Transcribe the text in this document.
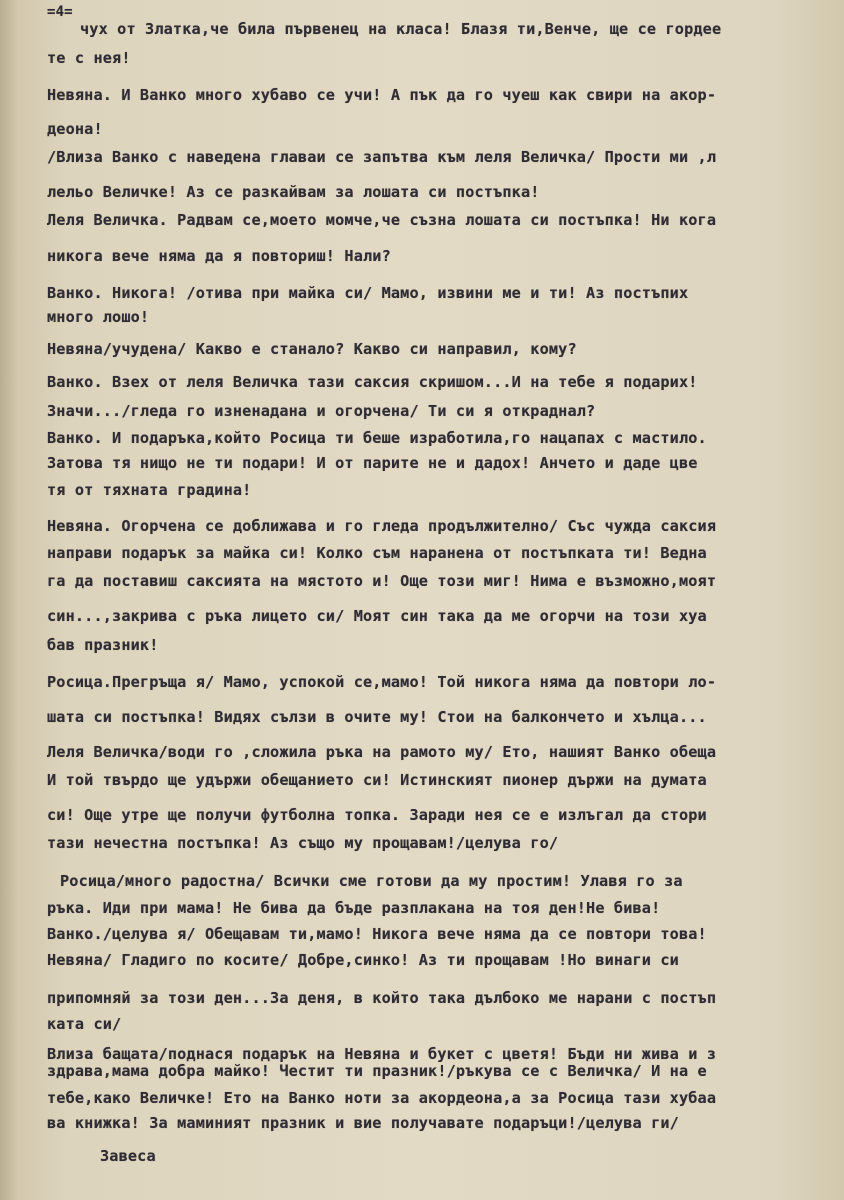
=4=
чух от Златка,че била първенец на класа! Блазя ти,Венче, ще се гордее
те с нея!
Невяна. И Ванко много хубаво се учи! А пък да го чуеш как свири на акор-
деона!
/Влиза Ванко с наведена главаи се запътва към леля Величка/ Прости ми ,л
лельо Величке! Аз се разкайвам за лошата си постъпка!
Леля Величка. Радвам се,моето момче,че съзна лошата си постъпка! Ни кога
никога вече няма да я повториш! Нали?
Ванко. Никога! /отива при майка си/ Мамо, извини ме и ти! Аз постъпих
много лошо!
Невяна/учудена/ Какво е станало? Какво си направил, кому?
Ванко. Взех от леля Величка тази саксия скришом...И на тебе я подарих!
Значи.../гледа го изненадана и огорчена/ Ти си я откраднал?
Ванко. И подаръка,който Росица ти беше изработила,го нацапах с мастило.
Затова тя нищо не ти подари! И от парите не и дадох! Анчето и даде цве
тя от тяхната градина!
Невяна. Огорчена се доближава и го гледа продължително/ Със чужда саксия
направи подарък за майка си! Колко съм наранена от постъпката ти! Ведна
га да поставиш саксията на мястото и! Още този миг! Нима е възможно,моят
син...,закрива с ръка лицето си/ Моят син така да ме огорчи на този хуа
бав празник!
Росица.Прегръща я/ Мамо, успокой се,мамо! Той никога няма да повтори ло-
шата си постъпка! Видях сълзи в очите му! Стои на балкончето и хълца...
Леля Величка/води го ,сложила ръка на рамото му/ Ето, нашият Ванко обеща
И той твърдо ще удържи обещанието си! Истинският пионер държи на думата
си! Още утре ще получи футболна топка. Заради нея се е излъгал да стори
тази нечестна постъпка! Аз също му прощавам!/целува го/
Росица/много радостна/ Всички сме готови да му простим! Улавя го за
ръка. Иди при мама! Не бива да бъде разплакана на тоя ден!Не бива!
Ванко./целува я/ Обещавам ти,мамо! Никога вече няма да се повтори това!
Невяна/ Гладиго по косите/ Добре,синко! Аз ти прощавам !Но винаги си
припомняй за този ден...За деня, в който така дълбоко ме нарани с постъп
ката си/
Влиза бащата/поднася подарък на Невяна и букет с цветя! Бъди ни жива и з
здрава,мама добра майко! Честит ти празник!/ръкува се с Величка/ И на е
тебе,како Величке! Ето на Ванко ноти за акордеона,а за Росица тази хубаа
ва книжка! За маминият празник и вие получавате подаръци!/целува ги/
Завеса
